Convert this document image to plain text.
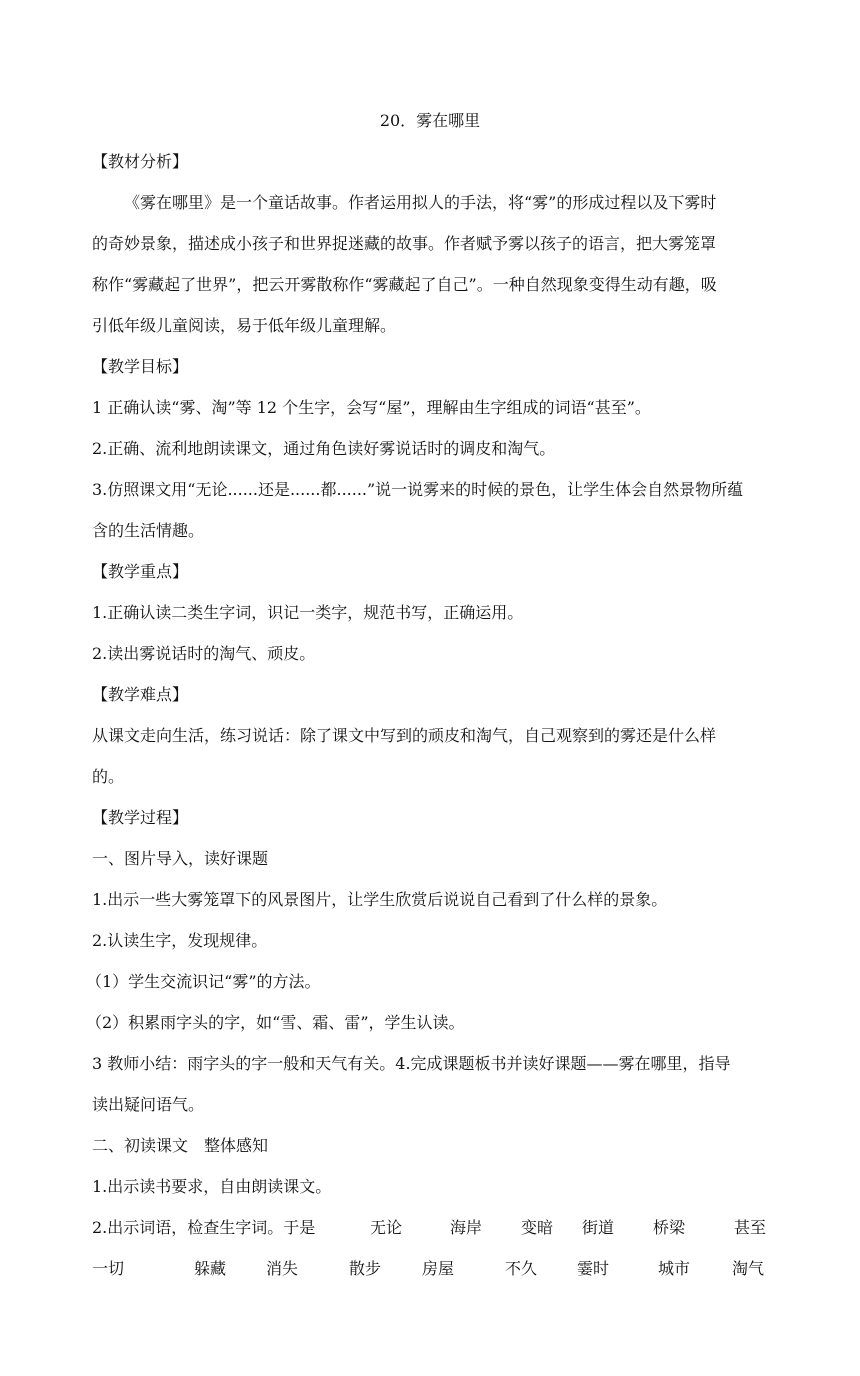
20．雾在哪里
【教材分析】
《雾在哪里》是一个童话故事。作者运用拟人的手法，将“雾”的形成过程以及下雾时
的奇妙景象，描述成小孩子和世界捉迷藏的故事。作者赋予雾以孩子的语言，把大雾笼罩
称作“雾藏起了世界”，把云开雾散称作“雾藏起了自己”。一种自然现象变得生动有趣，吸
引低年级儿童阅读，易于低年级儿童理解。
【教学目标】
1 正确认读“雾、淘”等 12 个生字，会写“屋”，理解由生字组成的词语“甚至”。
2.正确、流利地朗读课文，通过角色读好雾说话时的调皮和淘气。
3.仿照课文用“无论......还是......都......”说一说雾来的时候的景色，让学生体会自然景物所蕴
含的生活情趣。
【教学重点】
1.正确认读二类生字词，识记一类字，规范书写，正确运用。
2.读出雾说话时的淘气、顽皮。
【教学难点】
从课文走向生活，练习说话：除了课文中写到的顽皮和淘气，自己观察到的雾还是什么样
的。
【教学过程】
一、图片导入，读好课题
1.出示一些大雾笼罩下的风景图片，让学生欣赏后说说自己看到了什么样的景象。
2.认读生字，发现规律。
（1）学生交流识记“雾”的方法。
（2）积累雨字头的字，如“雪、霜、雷”，学生认读。
3 教师小结：雨字头的字一般和天气有关。4.完成课题板书并读好课题——雾在哪里，指导
读出疑问语气。
二、初读课文　整体感知
1.出示读书要求，自由朗读课文。
2.出示词语，检查生字词。于是	无论	海岸 变暗 街道 桥梁	甚至
一切	躲藏 消失	散步	房屋	不久 霎时	城市	淘气
